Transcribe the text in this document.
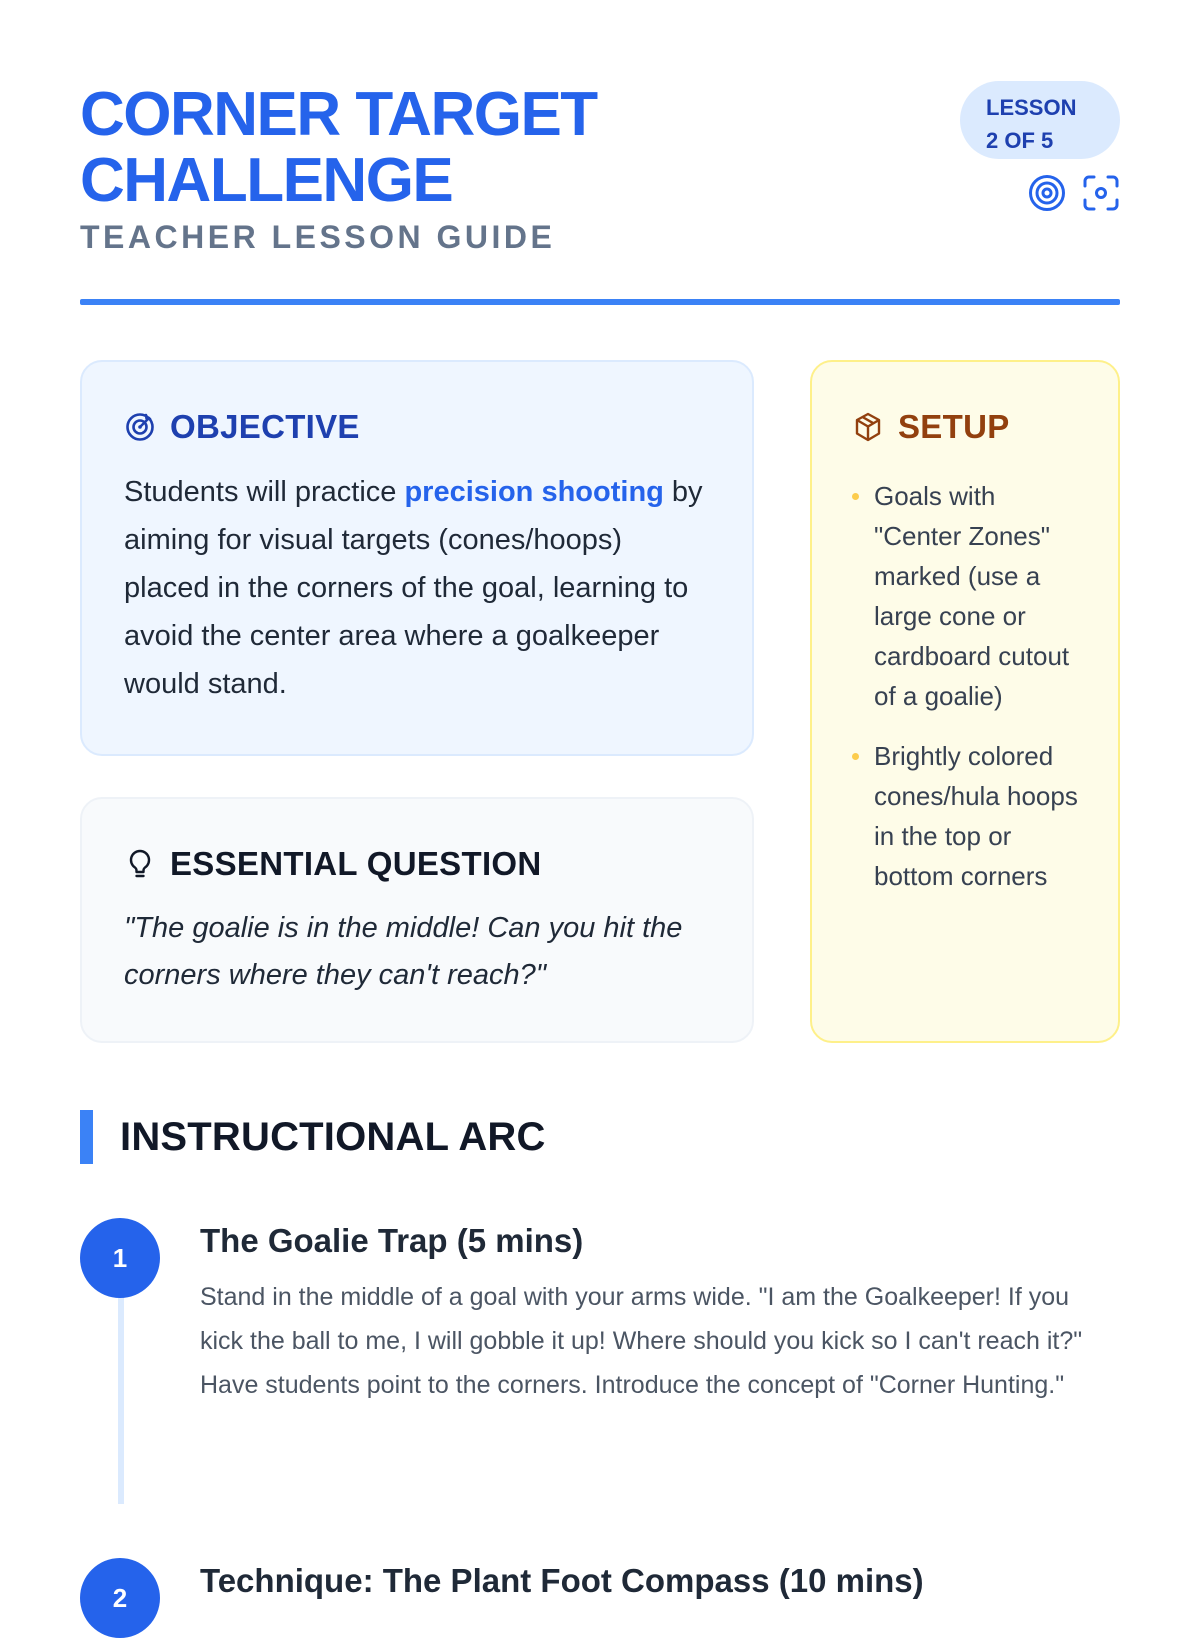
CORNER TARGET CHALLENGE
TEACHER LESSON GUIDE
LESSON 2 OF 5
OBJECTIVE
Students will practice precision shooting by aiming for visual targets (cones/hoops) placed in the corners of the goal, learning to avoid the center area where a goalkeeper would stand.
ESSENTIAL QUESTION
"The goalie is in the middle! Can you hit the corners where they can't reach?"
SETUP
Goals with "Center Zones" marked (use a large cone or cardboard cutout of a goalie)
Brightly colored cones/hula hoops in the top or bottom corners
INSTRUCTIONAL ARC
1	The Goalie Trap (5 mins)
Stand in the middle of a goal with your arms wide. "I am the Goalkeeper! If you kick the ball to me, I will gobble it up! Where should you kick so I can't reach it?" Have students point to the corners. Introduce the concept of "Corner Hunting."
2	Technique: The Plant Foot Compass (10 mins)
